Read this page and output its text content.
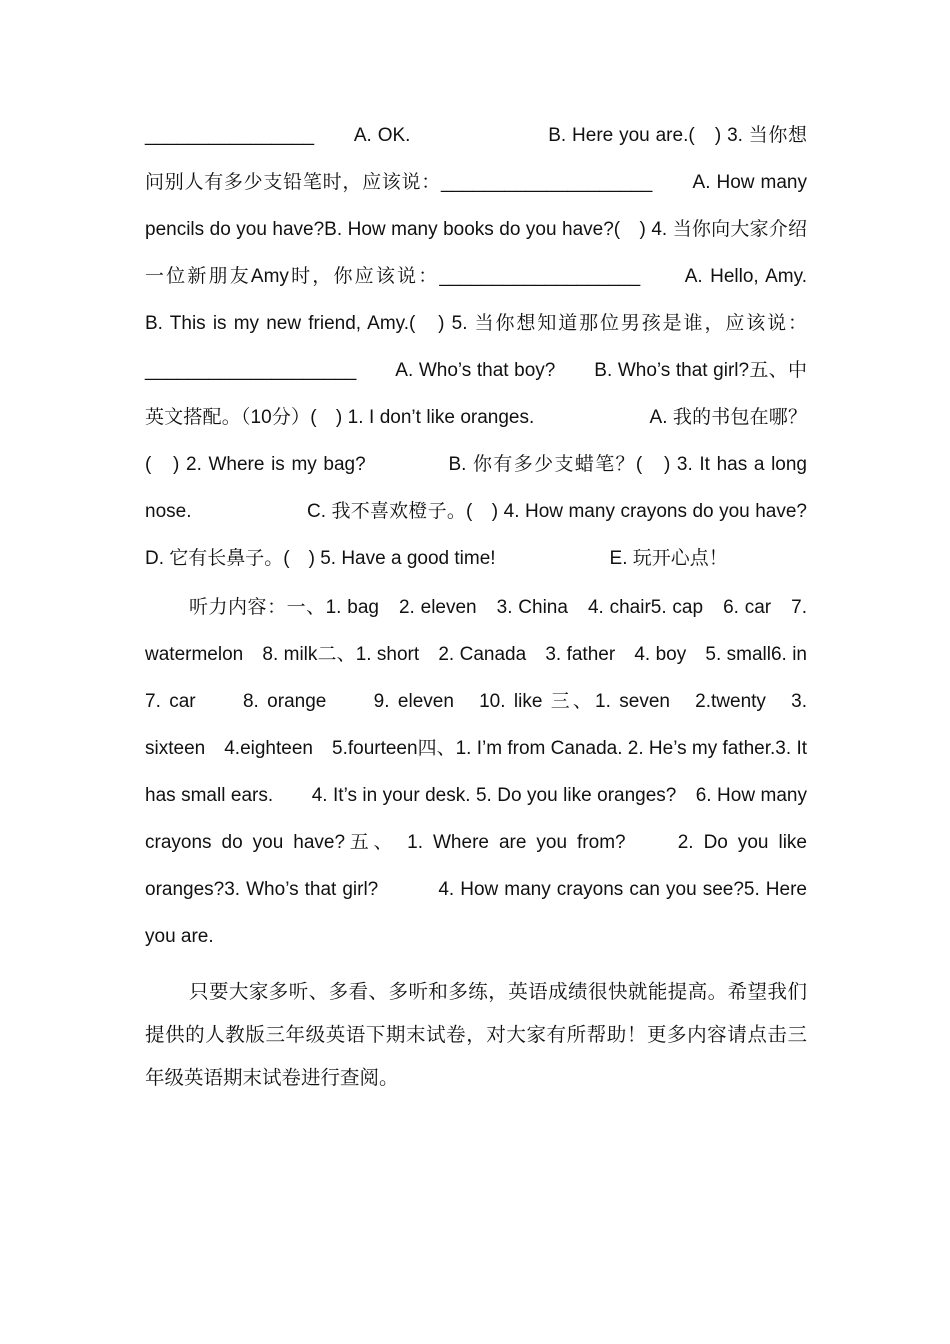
________________　　A. OK.　　　　　　　B. Here you are.(　) 3. 当你想问别人有多少支铅笔时，应该说：____________________　　A. How many pencils do you have?B. How many books do you have?(　) 4. 当你向大家介绍一位新朋友Amy时，你应该说：___________________　　A. Hello, Amy.　　　　B. This is my new friend, Amy.(　) 5. 当你想知道那位男孩是谁，应该说：____________________　　A. Who’s that boy?　　B. Who’s that girl?五、中英文搭配。（10分）(　) 1. I don’t like oranges.　　　　　　A. 我的书包在哪？(　) 2. Where is my bag?　　　　B. 你有多少支蜡笔？(　) 3. It has a long nose.　　　　　　C. 我不喜欢橙子。(　) 4. How many crayons do you have?　　D. 它有长鼻子。(　) 5. Have a good time!　　　　　　E. 玩开心点！

听力内容：一、1. bag　2. eleven　3. China　4. chair5. cap　6. car　7. watermelon　8. milk二、1. short　2. Canada　3. father　4. boy　5. small6. in　　7. car　　8. orange　　9. eleven　10. like 三、1. seven　2.twenty　3. sixteen　4.eighteen　5.fourteen四、1. I’m from Canada. 2. He’s my father.3. It has small ears.　　4. It’s in your desk. 5. Do you like oranges?　6. How many crayons do you have?五、 1. Where are you from?　　2. Do you like oranges?3. Who’s that girl?　　　4. How many crayons can you see?5. Here you are.

只要大家多听、多看、多听和多练，英语成绩很快就能提高。希望我们提供的人教版三年级英语下期末试卷，对大家有所帮助！更多内容请点击三年级英语期末试卷进行查阅。
